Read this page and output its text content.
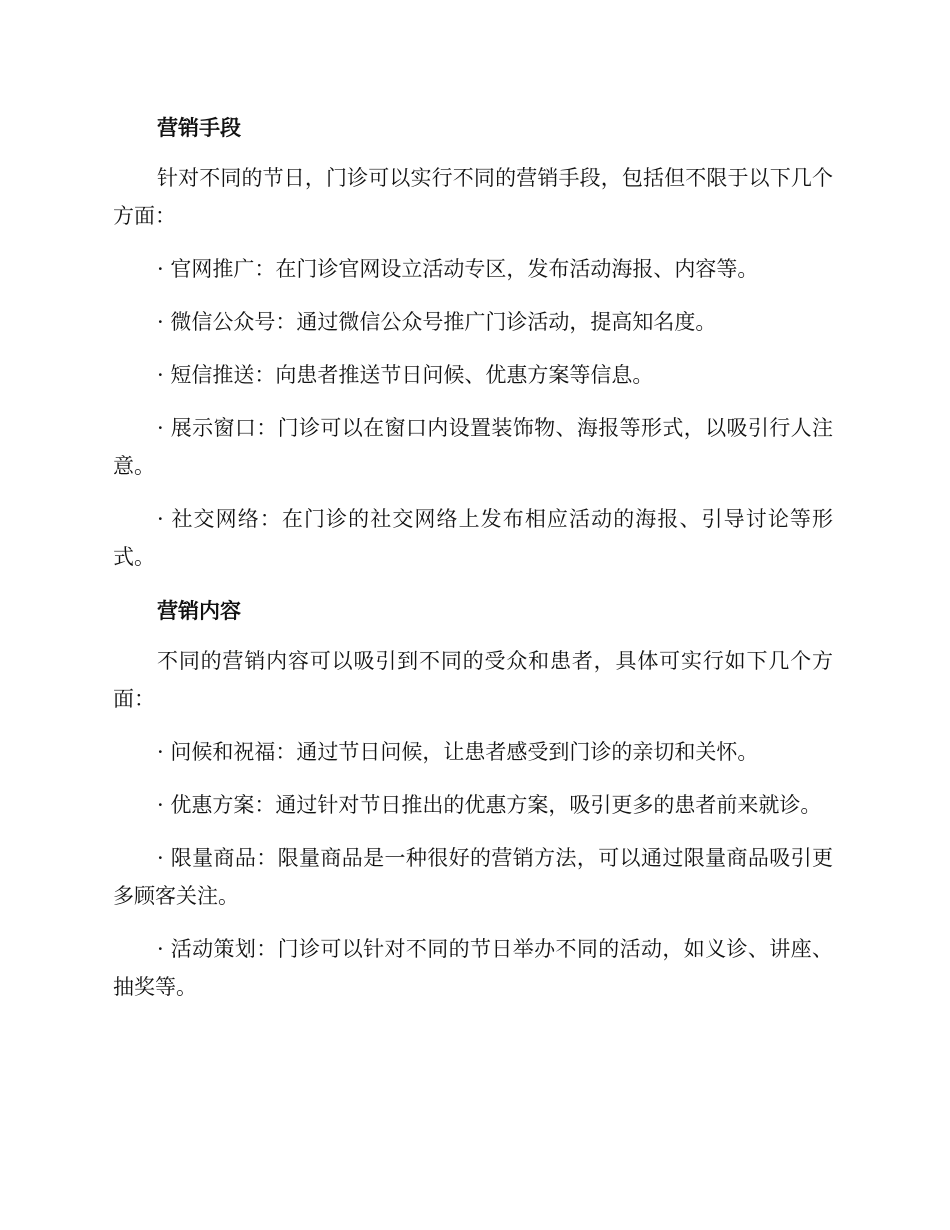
营销手段

针对不同的节日，门诊可以实行不同的营销手段，包括但不限于以下几个方面：

· 官网推广：在门诊官网设立活动专区，发布活动海报、内容等。

· 微信公众号：通过微信公众号推广门诊活动，提高知名度。

· 短信推送：向患者推送节日问候、优惠方案等信息。

· 展示窗口：门诊可以在窗口内设置装饰物、海报等形式，以吸引行人注意。

· 社交网络：在门诊的社交网络上发布相应活动的海报、引导讨论等形式。

营销内容

不同的营销内容可以吸引到不同的受众和患者，具体可实行如下几个方面：

· 问候和祝福：通过节日问候，让患者感受到门诊的亲切和关怀。

· 优惠方案：通过针对节日推出的优惠方案，吸引更多的患者前来就诊。

· 限量商品：限量商品是一种很好的营销方法，可以通过限量商品吸引更多顾客关注。

· 活动策划：门诊可以针对不同的节日举办不同的活动，如义诊、讲座、抽奖等。
